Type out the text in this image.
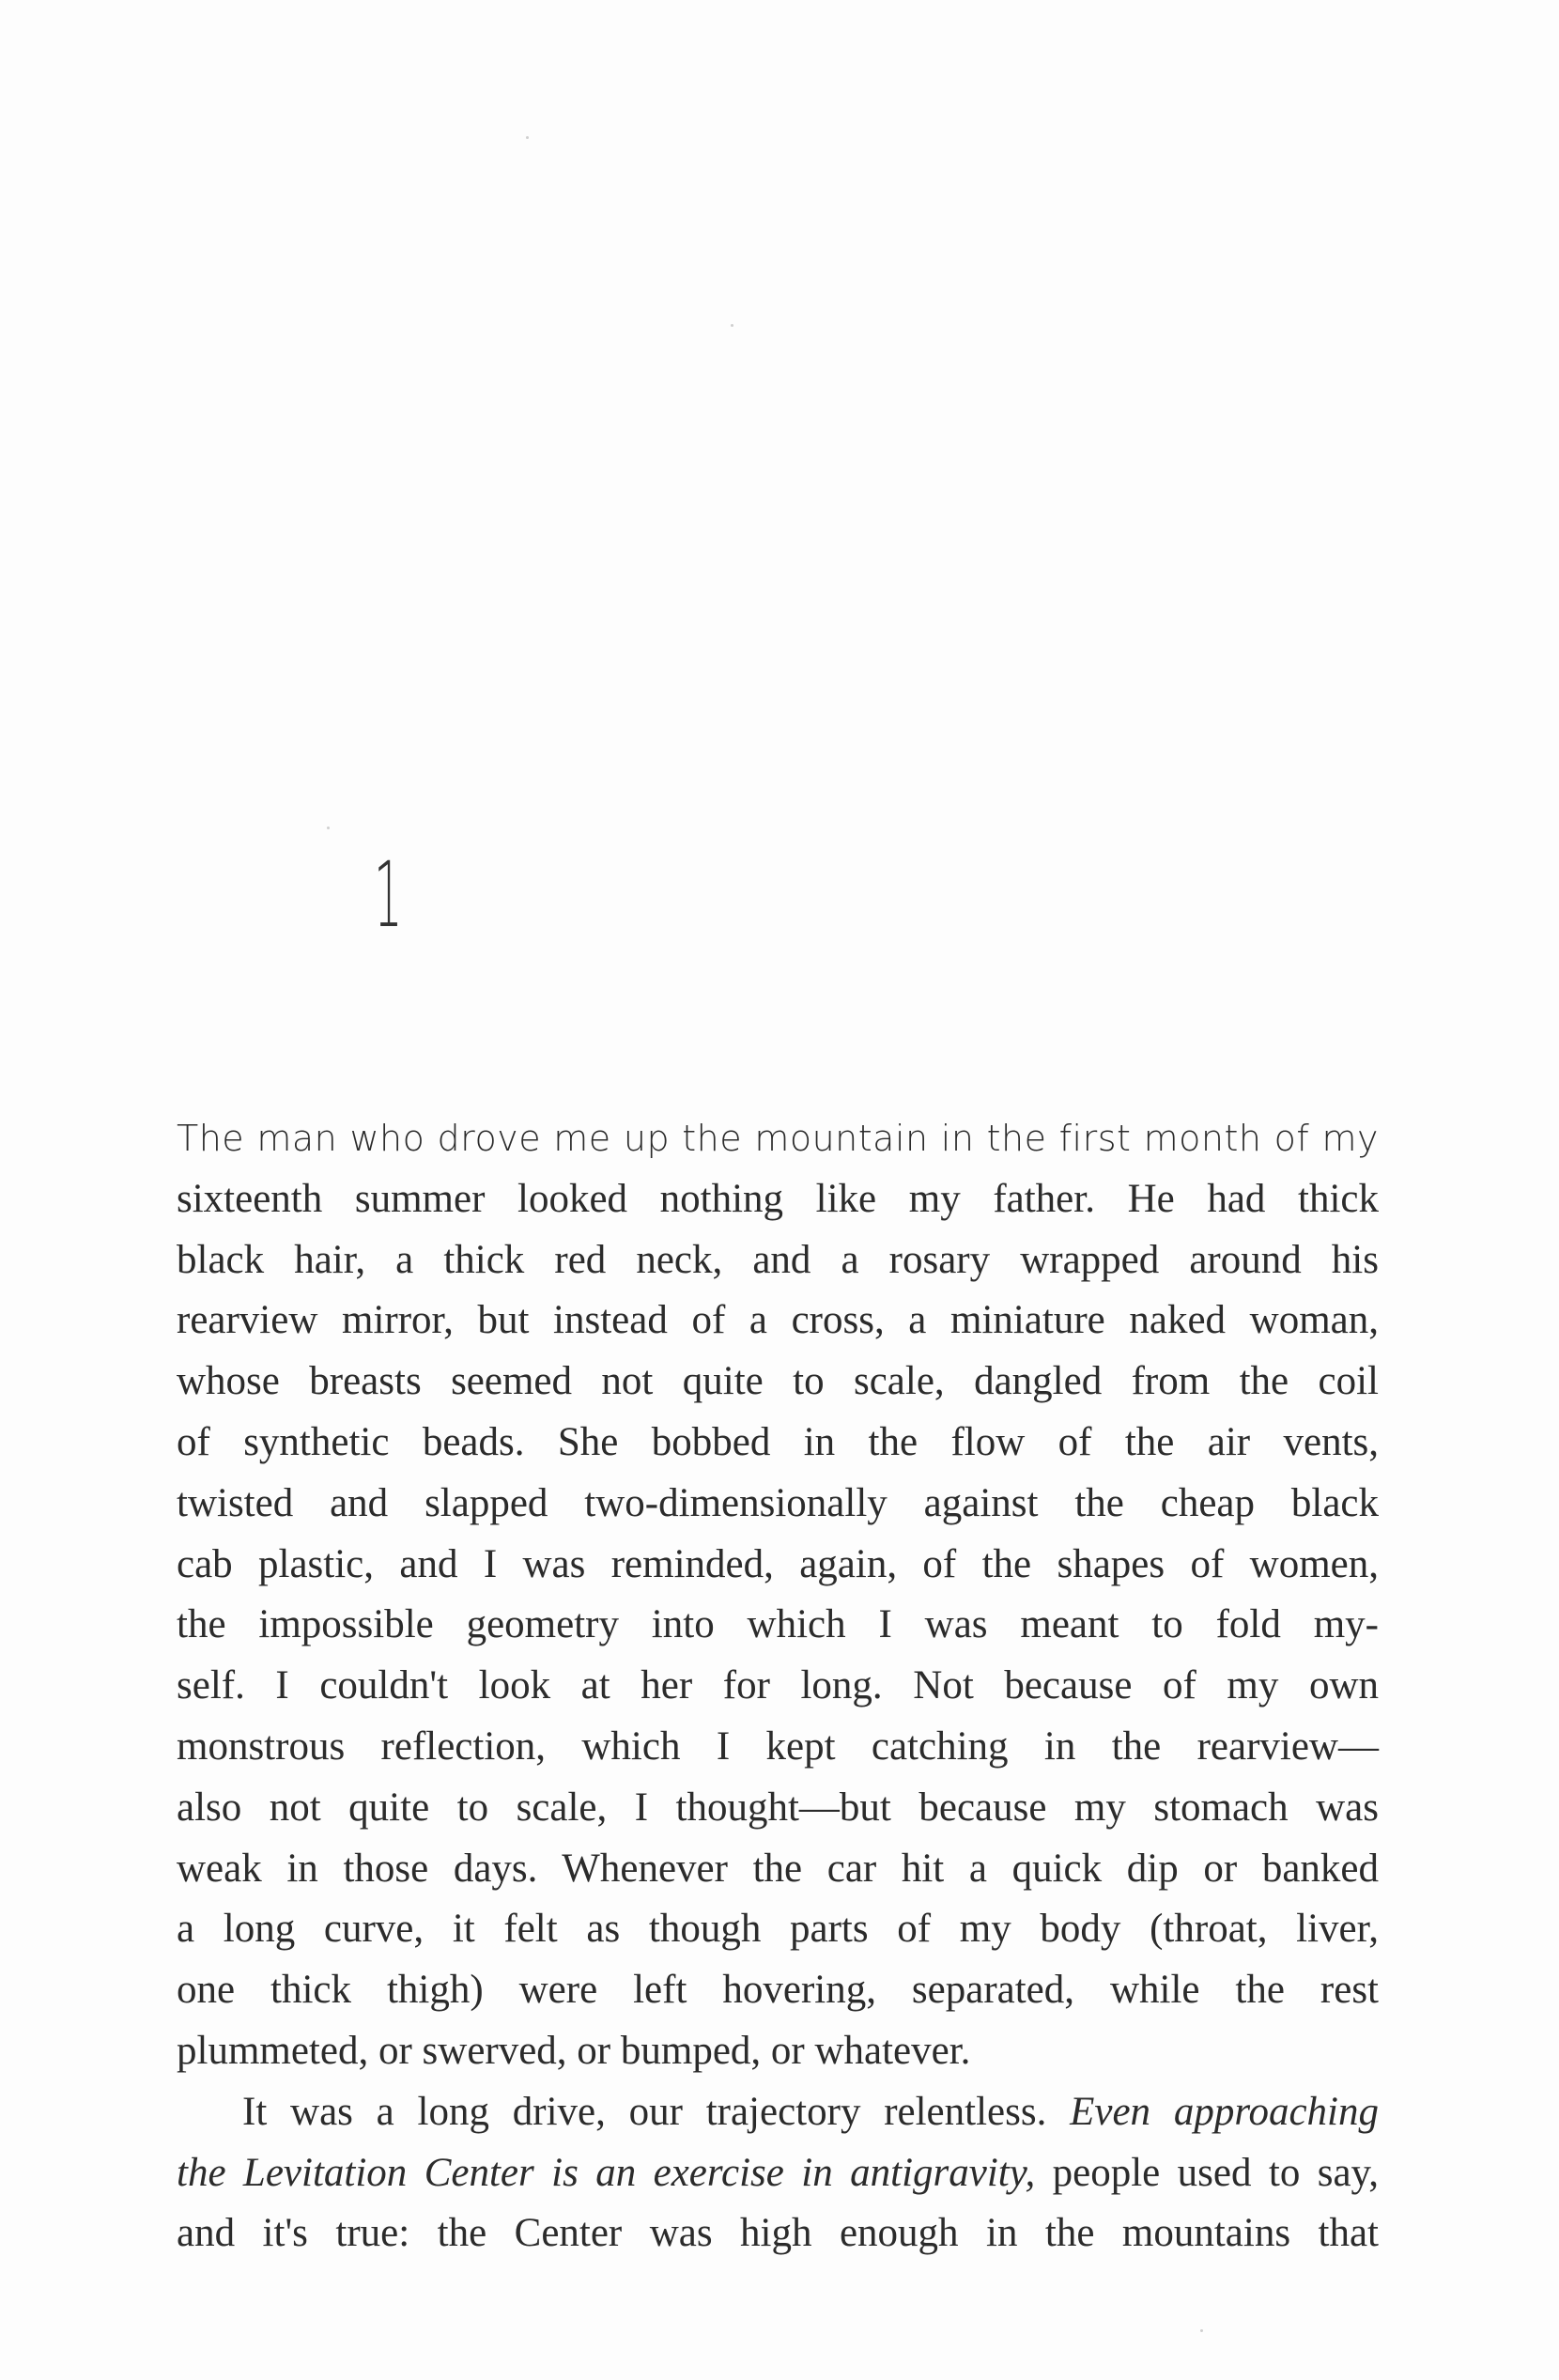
1
The man who drove me up the mountain in the first month of my
sixteenth summer looked nothing like my father. He had thick
black hair, a thick red neck, and a rosary wrapped around his
rearview mirror, but instead of a cross, a miniature naked woman,
whose breasts seemed not quite to scale, dangled from the coil
of synthetic beads. She bobbed in the flow of the air vents,
twisted and slapped two-dimensionally against the cheap black
cab plastic, and I was reminded, again, of the shapes of women,
the impossible geometry into which I was meant to fold my-
self. I couldn't look at her for long. Not because of my own
monstrous reflection, which I kept catching in the rearview—
also not quite to scale, I thought—but because my stomach was
weak in those days. Whenever the car hit a quick dip or banked
a long curve, it felt as though parts of my body (throat, liver,
one thick thigh) were left hovering, separated, while the rest
plummeted, or swerved, or bumped, or whatever.
It was a long drive, our trajectory relentless. Even approaching
the Levitation Center is an exercise in antigravity, people used to say,
and it's true: the Center was high enough in the mountains that
